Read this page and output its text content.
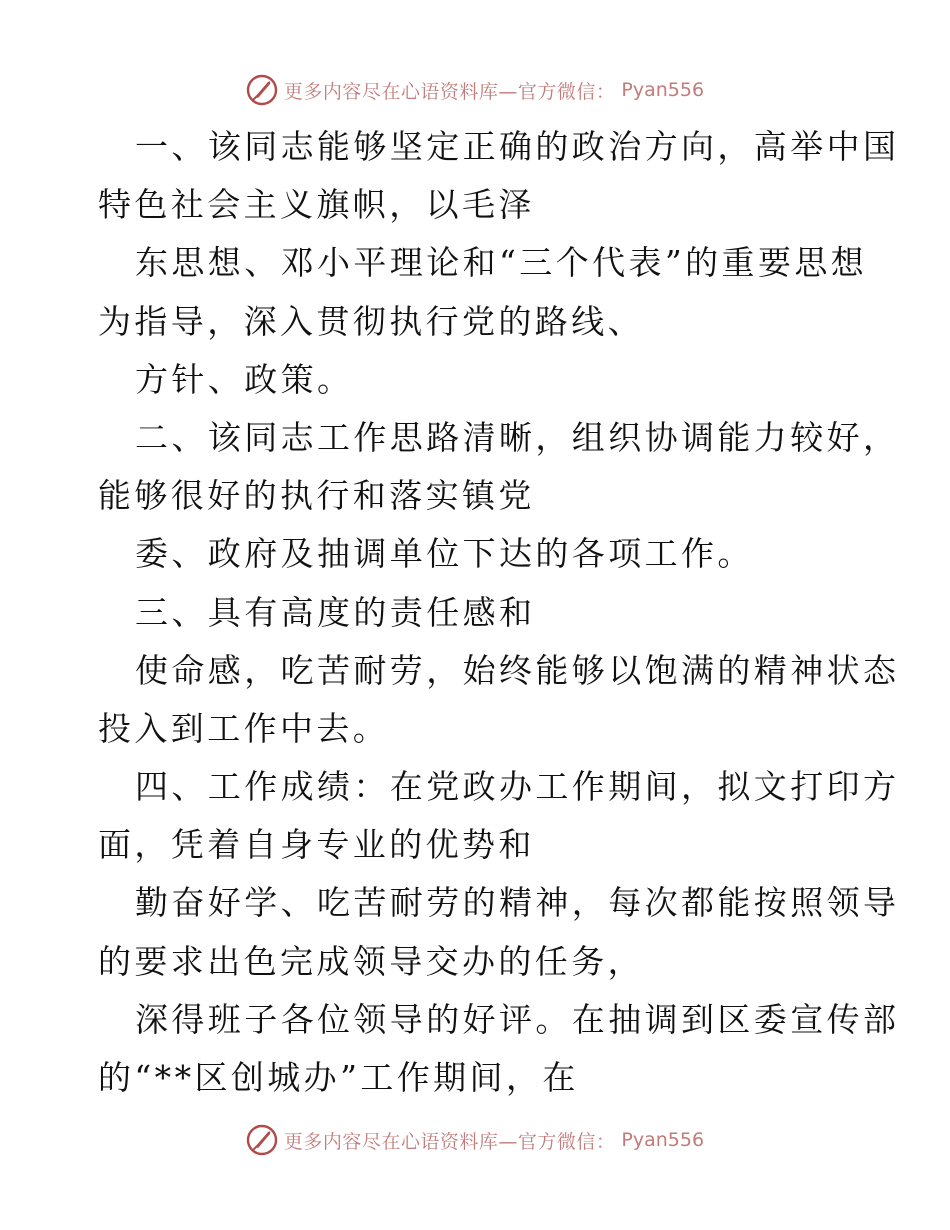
更多内容尽在心语资料库—官方微信： Pyan556
一、该同志能够坚定正确的政治方向，高举中国
特色社会主义旗帜，以毛泽
东思想、邓小平理论和“三个代表”的重要思想
为指导，深入贯彻执行党的路线、
方针、政策。
二、该同志工作思路清晰，组织协调能力较好，
能够很好的执行和落实镇党
委、政府及抽调单位下达的各项工作。
三、具有高度的责任感和
使命感，吃苦耐劳，始终能够以饱满的精神状态
投入到工作中去。
四、工作成绩：在党政办工作期间，拟文打印方
面，凭着自身专业的优势和
勤奋好学、吃苦耐劳的精神，每次都能按照领导
的要求出色完成领导交办的任务，
深得班子各位领导的好评。在抽调到区委宣传部
的“**区创城办”工作期间，在
更多内容尽在心语资料库—官方微信： Pyan556
